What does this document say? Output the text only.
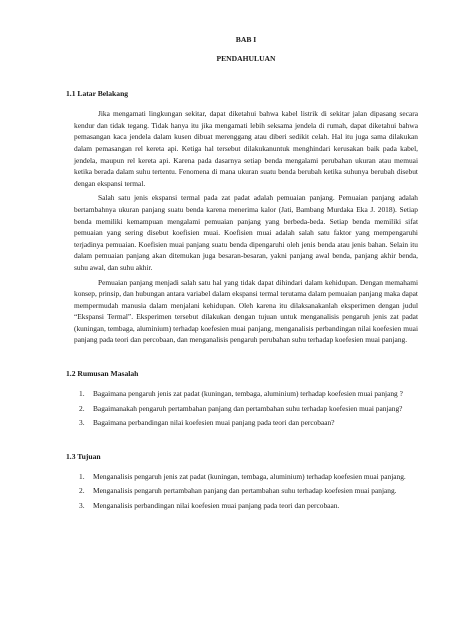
BAB I
PENDAHULUAN
1.1 Latar Belakang

Jika mengamati lingkungan sekitar, dapat diketahui bahwa kabel listrik di sekitar jalan dipasang secara kendur dan tidak tegang. Tidak hanya itu jika mengamati lebih seksama jendela di rumah, dapat diketahui bahwa pemasangan kaca jendela dalam kusen dibuat merenggang atau diberi sedikit celah. Hal itu juga sama dilakukan dalam pemasangan rel kereta api. Ketiga hal tersebut dilakukanuntuk menghindari kerusakan baik pada kabel, jendela, maupun rel kereta api. Karena pada dasarnya setiap benda mengalami perubahan ukuran atau memuai ketika berada dalam suhu tertentu. Fenomena di mana ukuran suatu benda berubah ketika suhunya berubah disebut dengan ekspansi termal.

Salah satu jenis ekspansi termal pada zat padat adalah pemuaian panjang. Pemuaian panjang adalah bertambahnya ukuran panjang suatu benda karena menerima kalor (Jati, Bambang Murdaka Eka J. 2018). Setiap benda memiliki kemampuan mengalami pemuaian panjang yang berbeda-beda. Setiap benda memiliki sifat pemuaian yang sering disebut koefisien muai. Koefisien muai adalah salah satu faktor yang mempengaruhi terjadinya pemuaian. Koefisien muai panjang suatu benda dipengaruhi oleh jenis benda atau jenis bahan. Selain itu dalam pemuaian panjang akan ditemukan juga besaran-besaran, yakni panjang awal benda, panjang akhir benda, suhu awal, dan suhu akhir.

Pemuaian panjang menjadi salah satu hal yang tidak dapat dihindari dalam kehidupan. Dengan memahami konsep, prinsip, dan hubungan antara variabel dalam ekspansi termal terutama dalam pemuaian panjang maka dapat mempermudah manusia dalam menjalani kehidupan. Oleh karena itu dilaksanakanlah eksperimen dengan judul “Ekspansi Termal”. Eksperimen tersebut dilakukan dengan tujuan untuk menganalisis pengaruh jenis zat padat (kuningan, tembaga, aluminium) terhadap koefesien muai panjang, menganalisis perbandingan nilai koefesien muai panjang pada teori dan percobaan, dan menganalisis pengaruh perubahan suhu terhadap koefesien muai panjang.

1.2 Rumusan Masalah
1. Bagaimana pengaruh jenis zat padat (kuningan, tembaga, aluminium) terhadap koefesien muai panjang ?
2. Bagaimanakah pengaruh pertambahan panjang dan pertambahan suhu terhadap koefesien muai panjang?
3. Bagaimana perbandingan nilai koefesien muai panjang pada teori dan percobaan?
1.3 Tujuan
1. Menganalisis pengaruh jenis zat padat (kuningan, tembaga, aluminium) terhadap koefesien muai panjang.
2. Menganalisis pengaruh pertambahan panjang dan pertambahan suhu terhadap koefesien muai panjang.
3. Menganalisis perbandingan nilai koefesien muai panjang pada teori dan percobaan.
